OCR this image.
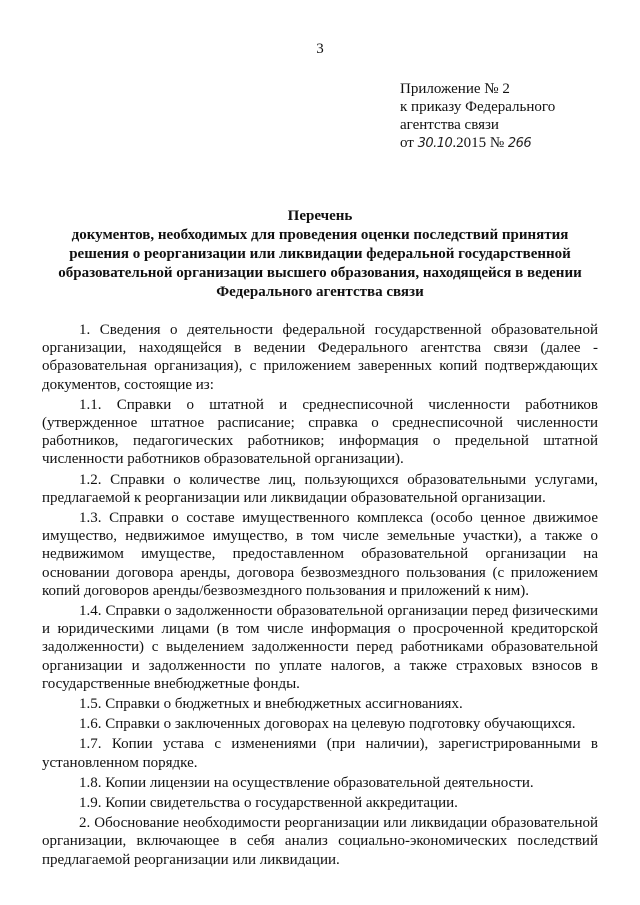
3
Приложение № 2
к приказу Федерального
агентства связи
от 30.10.2015 № 266
Перечень
документов, необходимых для проведения оценки последствий принятия решения о реорганизации или ликвидации федеральной государственной образовательной организации высшего образования, находящейся в ведении Федерального агентства связи

1. Сведения о деятельности федеральной государственной образовательной организации, находящейся в ведении Федерального агентства связи (далее - образовательная организация), с приложением заверенных копий подтверждающих документов, состоящие из:

1.1. Справки о штатной и среднесписочной численности работников (утвержденное штатное расписание; справка о среднесписочной численности работников, педагогических работников; информация о предельной штатной численности работников образовательной организации).

1.2. Справки о количестве лиц, пользующихся образовательными услугами, предлагаемой к реорганизации или ликвидации образовательной организации.

1.3. Справки о составе имущественного комплекса (особо ценное движимое имущество, недвижимое имущество, в том числе земельные участки), а также о недвижимом имуществе, предоставленном образовательной организации на основании договора аренды, договора безвозмездного пользования (с приложением копий договоров аренды/безвозмездного пользования и приложений к ним).

1.4. Справки о задолженности образовательной организации перед физическими и юридическими лицами (в том числе информация о просроченной кредиторской задолженности) с выделением задолженности перед работниками образовательной организации и задолженности по уплате налогов, а также страховых взносов в государственные внебюджетные фонды.

1.5. Справки о бюджетных и внебюджетных ассигнованиях.

1.6. Справки о заключенных договорах на целевую подготовку обучающихся.

1.7. Копии устава с изменениями (при наличии), зарегистрированными в установленном порядке.

1.8. Копии лицензии на осуществление образовательной деятельности.

1.9. Копии свидетельства о государственной аккредитации.

2. Обоснование необходимости реорганизации или ликвидации образовательной организации, включающее в себя анализ социально-экономических последствий предлагаемой реорганизации или ликвидации.
